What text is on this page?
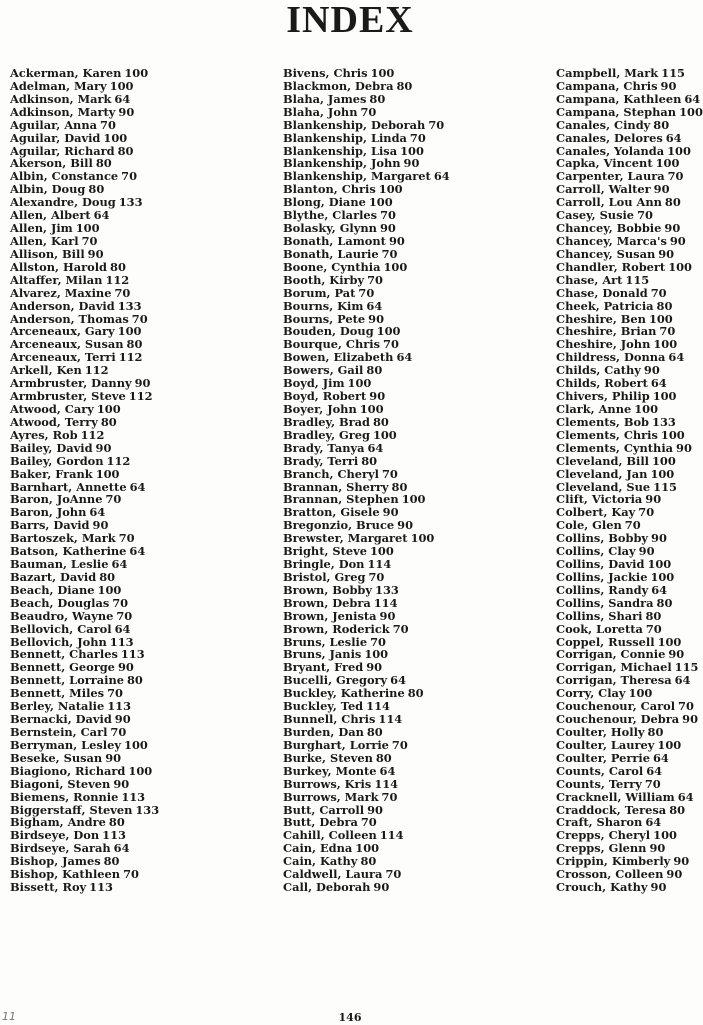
INDEX
Ackerman, Karen 100
Adelman, Mary 100
Adkinson, Mark 64
Adkinson, Marty 90
Aguilar, Anna 70
Aguilar, David 100
Aguilar, Richard 80
Akerson, Bill 80
Albin, Constance 70
Albin, Doug 80
Alexandre, Doug 133
Allen, Albert 64
Allen, Jim 100
Allen, Karl 70
Allison, Bill 90
Allston, Harold 80
Altaffer, Milan 112
Alvarez, Maxine 70
Anderson, David 133
Anderson, Thomas 70
Arceneaux, Gary 100
Arceneaux, Susan 80
Arceneaux, Terri 112
Arkell, Ken 112
Armbruster, Danny 90
Armbruster, Steve 112
Atwood, Cary 100
Atwood, Terry 80
Ayres, Rob 112
Bailey, David 90
Bailey, Gordon 112
Baker, Frank 100
Barnhart, Annette 64
Baron, JoAnne 70
Baron, John 64
Barrs, David 90
Bartoszek, Mark 70
Batson, Katherine 64
Bauman, Leslie 64
Bazart, David 80
Beach, Diane 100
Beach, Douglas 70
Beaudro, Wayne 70
Bellovich, Carol 64
Bellovich, John 113
Bennett, Charles 113
Bennett, George 90
Bennett, Lorraine 80
Bennett, Miles 70
Berley, Natalie 113
Bernacki, David 90
Bernstein, Carl 70
Berryman, Lesley 100
Beseke, Susan 90
Biagiono, Richard 100
Biagoni, Steven 90
Biemens, Ronnie 113
Biggerstaff, Steven 133
Bigham, Andre 80
Birdseye, Don 113
Birdseye, Sarah 64
Bishop, James 80
Bishop, Kathleen 70
Bissett, Roy 113
Bivens, Chris 100
Blackmon, Debra 80
Blaha, James 80
Blaha, John 70
Blankenship, Deborah 70
Blankenship, Linda 70
Blankenship, Lisa 100
Blankenship, John 90
Blankenship, Margaret 64
Blanton, Chris 100
Blong, Diane 100
Blythe, Clarles 70
Bolasky, Glynn 90
Bonath, Lamont 90
Bonath, Laurie 70
Boone, Cynthia 100
Booth, Kirby 70
Borum, Pat 70
Bourns, Kim 64
Bourns, Pete 90
Bouden, Doug 100
Bourque, Chris 70
Bowen, Elizabeth 64
Bowers, Gail 80
Boyd, Jim 100
Boyd, Robert 90
Boyer, John 100
Bradley, Brad 80
Bradley, Greg 100
Brady, Tanya 64
Brady, Terri 80
Branch, Cheryl 70
Brannan, Sherry 80
Brannan, Stephen 100
Bratton, Gisele 90
Bregonzio, Bruce 90
Brewster, Margaret 100
Bright, Steve 100
Bringle, Don 114
Bristol, Greg 70
Brown, Bobby 133
Brown, Debra 114
Brown, Jenista 90
Brown, Roderick 70
Bruns, Leslie 70
Bruns, Janis 100
Bryant, Fred 90
Bucelli, Gregory 64
Buckley, Katherine 80
Buckley, Ted 114
Bunnell, Chris 114
Burden, Dan 80
Burghart, Lorrie 70
Burke, Steven 80
Burkey, Monte 64
Burrows, Kris 114
Burrows, Mark 70
Butt, Carroll 90
Butt, Debra 70
Cahill, Colleen 114
Cain, Edna 100
Cain, Kathy 80
Caldwell, Laura 70
Call, Deborah 90
Campbell, Mark 115
Campana, Chris 90
Campana, Kathleen 64
Campana, Stephan 100
Canales, Cindy 80
Canales, Delores 64
Canales, Yolanda 100
Capka, Vincent 100
Carpenter, Laura 70
Carroll, Walter 90
Carroll, Lou Ann 80
Casey, Susie 70
Chancey, Bobbie 90
Chancey, Marca's 90
Chancey, Susan 90
Chandler, Robert 100
Chase, Art 115
Chase, Donald 70
Cheek, Patricia 80
Cheshire, Ben 100
Cheshire, Brian 70
Cheshire, John 100
Childress, Donna 64
Childs, Cathy 90
Childs, Robert 64
Chivers, Philip 100
Clark, Anne 100
Clements, Bob 133
Clements, Chris 100
Clements, Cynthia 90
Cleveland, Bill 100
Cleveland, Jan 100
Cleveland, Sue 115
Clift, Victoria 90
Colbert, Kay 70
Cole, Glen 70
Collins, Bobby 90
Collins, Clay 90
Collins, David 100
Collins, Jackie 100
Collins, Randy 64
Collins, Sandra 80
Collins, Shari 80
Cook, Loretta 70
Coppel, Russell 100
Corrigan, Connie 90
Corrigan, Michael 115
Corrigan, Theresa 64
Corry, Clay 100
Couchenour, Carol 70
Couchenour, Debra 90
Coulter, Holly 80
Coulter, Laurey 100
Coulter, Perrie 64
Counts, Carol 64
Counts, Terry 70
Cracknell, William 64
Craddock, Teresa 80
Craft, Sharon 64
Crepps, Cheryl 100
Crepps, Glenn 90
Crippin, Kimberly 90
Crosson, Colleen 90
Crouch, Kathy 90
11	146
